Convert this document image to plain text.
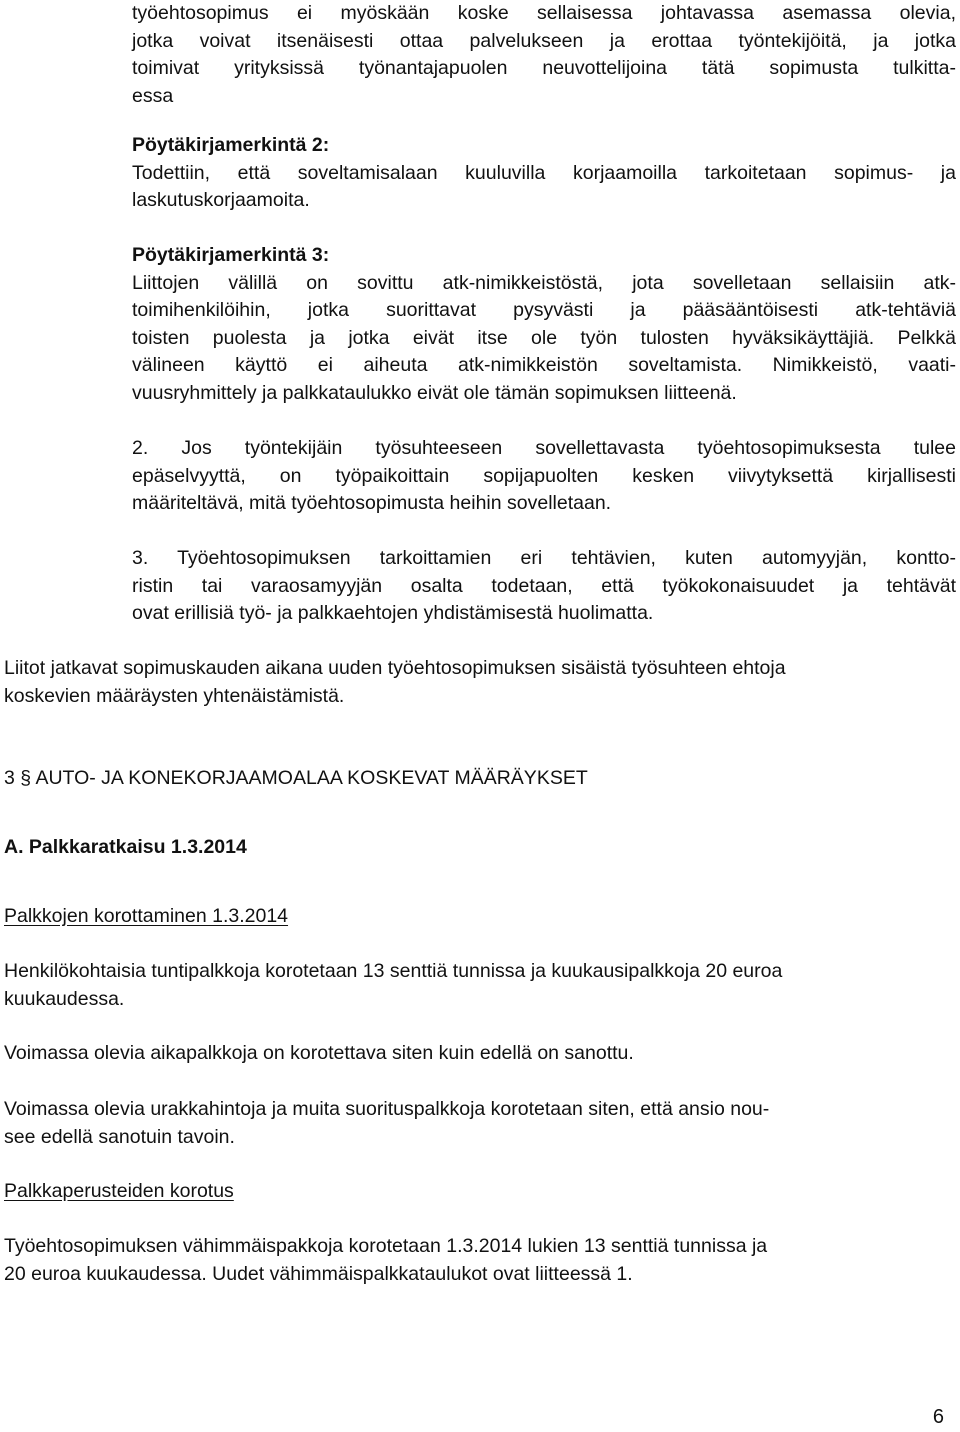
työehtosopimus ei myöskään koske sellaisessa johtavassa asemassa olevia,
jotka voivat itsenäisesti ottaa palvelukseen ja erottaa työntekijöitä, ja jotka
toimivat yrityksissä työnantajapuolen neuvottelijoina tätä sopimusta tulkitta-
essa
Pöytäkirjamerkintä 2:
Todettiin, että soveltamisalaan kuuluvilla korjaamoilla tarkoitetaan sopimus- ja
laskutuskorjaamoita.
Pöytäkirjamerkintä 3:
Liittojen välillä on sovittu atk-nimikkeistöstä, jota sovelletaan sellaisiin atk-
toimihenkilöihin, jotka suorittavat pysyvästi ja pääsääntöisesti atk-tehtäviä
toisten puolesta ja jotka eivät itse ole työn tulosten hyväksikäyttäjiä. Pelkkä
välineen käyttö ei aiheuta atk-nimikkeistön soveltamista. Nimikkeistö, vaati-
vuusryhmittely ja palkkataulukko eivät ole tämän sopimuksen liitteenä.
2. Jos työntekijäin työsuhteeseen sovellettavasta työehtosopimuksesta tulee
epäselvyyttä, on työpaikoittain sopijapuolten kesken viivytyksettä kirjallisesti
määriteltävä, mitä työehtosopimusta heihin sovelletaan.
3. Työehtosopimuksen tarkoittamien eri tehtävien, kuten automyyjän, kontto-
ristin tai varaosamyyjän osalta todetaan, että työkokonaisuudet ja tehtävät
ovat erillisiä työ- ja palkkaehtojen yhdistämisestä huolimatta.
Liitot jatkavat sopimuskauden aikana uuden työehtosopimuksen sisäistä työsuhteen ehtoja
koskevien määräysten yhtenäistämistä.
3 § AUTO- JA KONEKORJAAMOALAA KOSKEVAT MÄÄRÄYKSET
A. Palkkaratkaisu 1.3.2014
Palkkojen korottaminen 1.3.2014
Henkilökohtaisia tuntipalkkoja korotetaan 13 senttiä tunnissa ja kuukausipalkkoja 20 euroa
kuukaudessa.
Voimassa olevia aikapalkkoja on korotettava siten kuin edellä on sanottu.
Voimassa olevia urakkahintoja ja muita suorituspalkkoja korotetaan siten, että ansio nou-
see edellä sanotuin tavoin.
Palkkaperusteiden korotus
Työehtosopimuksen vähimmäispakkoja korotetaan 1.3.2014 lukien 13 senttiä tunnissa ja
20 euroa kuukaudessa. Uudet vähimmäispalkkataulukot ovat liitteessä 1.
6
